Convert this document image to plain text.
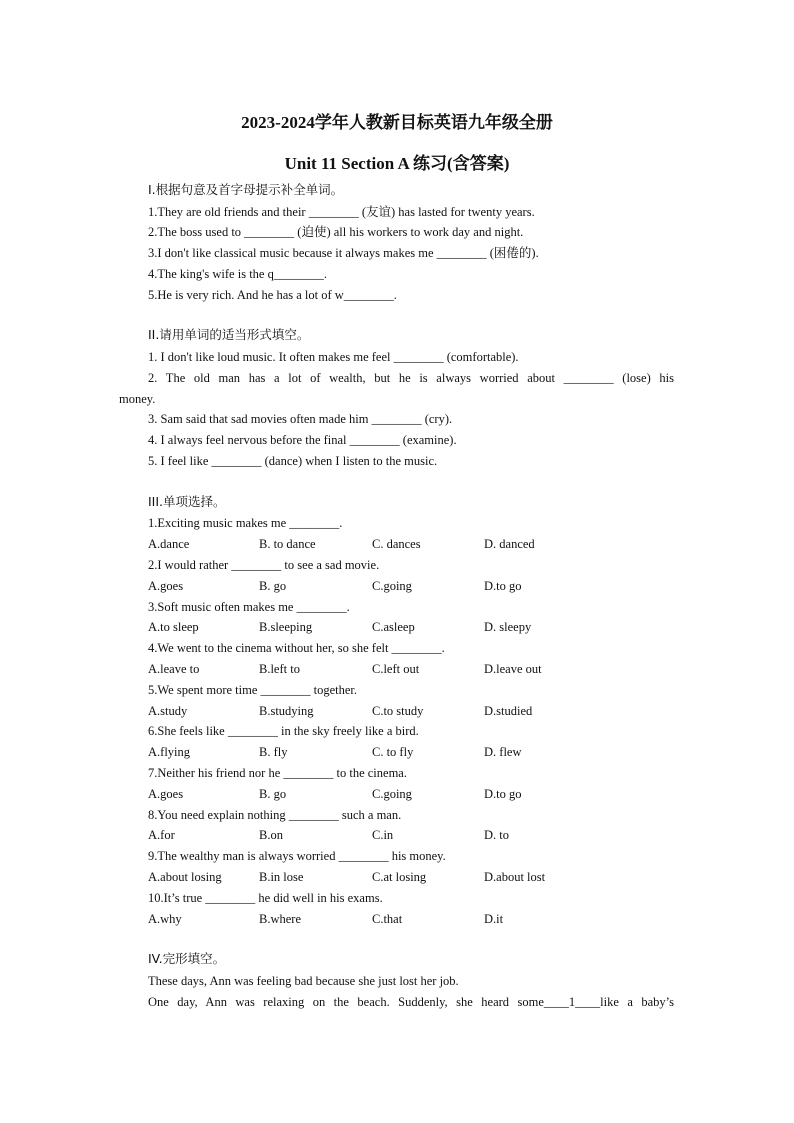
2023-2024学年人教新目标英语九年级全册
Unit 11 Section A 练习(含答案)
I.根据句意及首字母提示补全单词。
1.They are old friends and their ________ (友谊) has lasted for twenty years.
2.The boss used to ________ (迫使) all his workers to work day and night.
3.I don't like classical music because it always makes me ________ (困倦的).
4.The king's wife is the q________.
5.He is very rich. And he has a lot of w________.
II.请用单词的适当形式填空。
1. I don't like loud music. It often makes me feel ________ (comfortable).
2. The old man has a lot of wealth, but he is always worried about ________ (lose) his
money.
3. Sam said that sad movies often made him ________ (cry).
4. I always feel nervous before the final ________ (examine).
5. I feel like ________ (dance) when I listen to the music.
III.单项选择。
1.Exciting music makes me ________.
A.dance	B. to dance	C. dances	D. danced
2.I would rather ________ to see a sad movie.
A.goes	B. go	C.going	D.to go
3.Soft music often makes me ________.
A.to sleep	B.sleeping	C.asleep	D. sleepy
4.We went to the cinema without her, so she felt ________.
A.leave to	B.left to	C.left out	D.leave out
5.We spent more time ________ together.
A.study	B.studying	C.to study	D.studied
6.She feels like ________ in the sky freely like a bird.
A.flying	B. fly	C. to fly	D. flew
7.Neither his friend nor he ________ to the cinema.
A.goes	B. go	C.going	D.to go
8.You need explain nothing ________ such a man.
A.for	B.on	C.in	D. to
9.The wealthy man is always worried ________ his money.
A.about losing	B.in lose	C.at losing	D.about lost
10.It’s true ________ he did well in his exams.
A.why	B.where	C.that	D.it
IV.完形填空。
These days, Ann was feeling bad because she just lost her job.
One day, Ann was relaxing on the beach. Suddenly, she heard some____1____like a baby’s
